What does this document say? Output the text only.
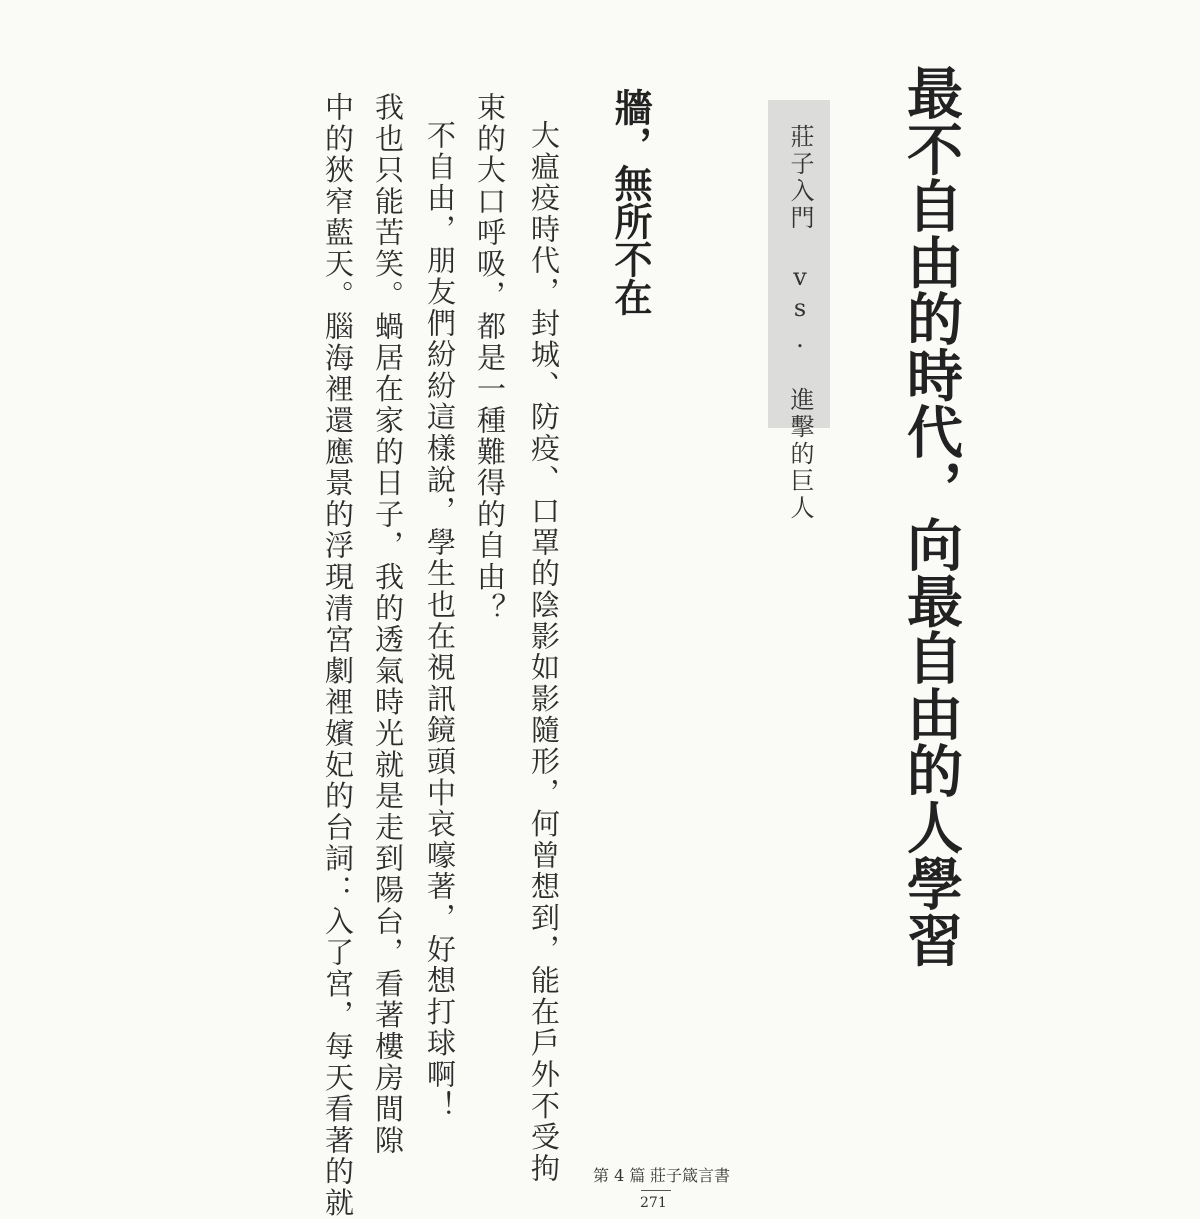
最不自由的時代，向最自由的人學習
莊子入門 vs. 進擊的巨人
牆，無所不在
大瘟疫時代，封城、防疫、口罩的陰影如影隨形，何曾想到，能在戶外不受拘
束的大口呼吸，都是一種難得的自由？
不自由，朋友們紛紛這樣說，學生也在視訊鏡頭中哀嚎著，好想打球啊！
我也只能苦笑。蝸居在家的日子，我的透氣時光就是走到陽台，看著樓房間隙
中的狹窄藍天。腦海裡還應景的浮現清宮劇裡嬪妃的台詞：入了宮，每天看著的就	第 4 篇 莊子箴言書
271
